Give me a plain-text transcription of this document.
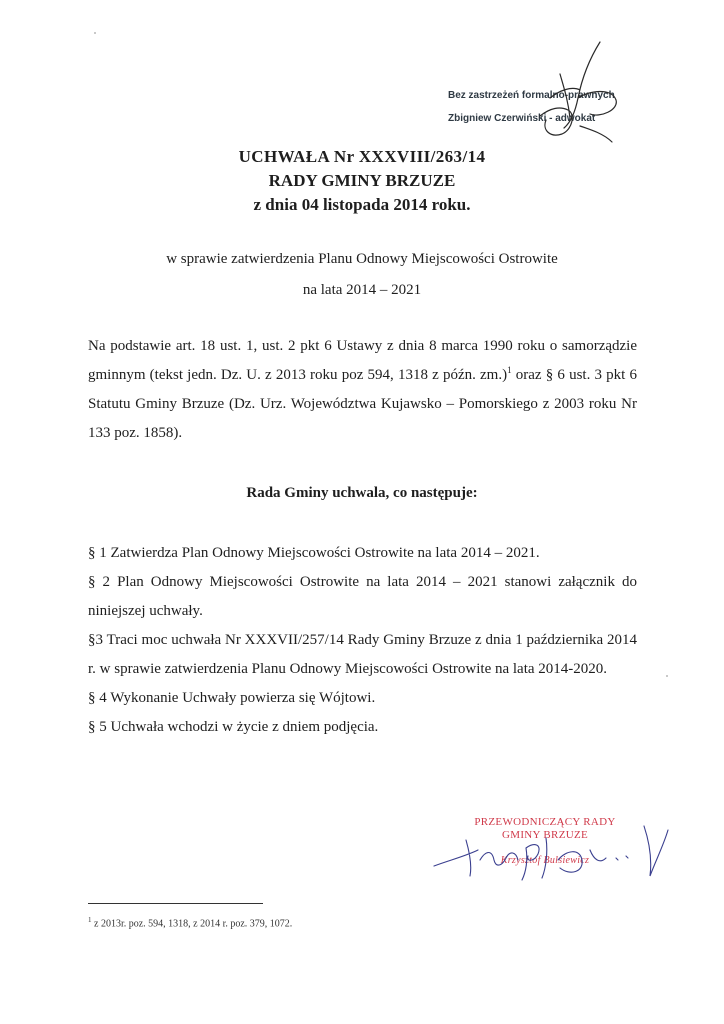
Bez zastrzeżeń formalno-prawnych
Zbigniew Czerwiński - adwokat
UCHWAŁA Nr XXXVIII/263/14
RADY GMINY BRZUZE
z dnia 04 listopada 2014 roku.
w sprawie zatwierdzenia Planu Odnowy Miejscowości Ostrowite
na lata 2014 – 2021
Na podstawie art. 18 ust. 1, ust. 2 pkt 6 Ustawy z dnia 8 marca 1990 roku o samorządzie gminnym (tekst jedn. Dz. U. z 2013 roku poz 594, 1318 z późn. zm.)$^1$ oraz § 6 ust. 3 pkt 6 Statutu Gminy Brzuze (Dz. Urz. Województwa Kujawsko – Pomorskiego z 2003 roku Nr 133 poz. 1858).
Rada Gminy uchwala, co następuje:
§ 1 Zatwierdza Plan Odnowy Miejscowości Ostrowite na lata 2014 – 2021.
§ 2 Plan Odnowy Miejscowości Ostrowite na lata 2014 – 2021 stanowi załącznik do niniejszej uchwały.
§3 Traci moc uchwała Nr XXXVII/257/14 Rady Gminy Brzuze z dnia 1 października 2014 r. w sprawie zatwierdzenia Planu Odnowy Miejscowości Ostrowite na lata 2014-2020.
§ 4 Wykonanie Uchwały powierza się Wójtowi.
§ 5 Uchwała wchodzi w życie z dniem podjęcia.
PRZEWODNICZĄCY RADY
GMINY BRZUZE
Krzysztof Bulsiewicz
$^1$ z 2013r. poz. 594, 1318, z 2014 r. poz. 379, 1072.
